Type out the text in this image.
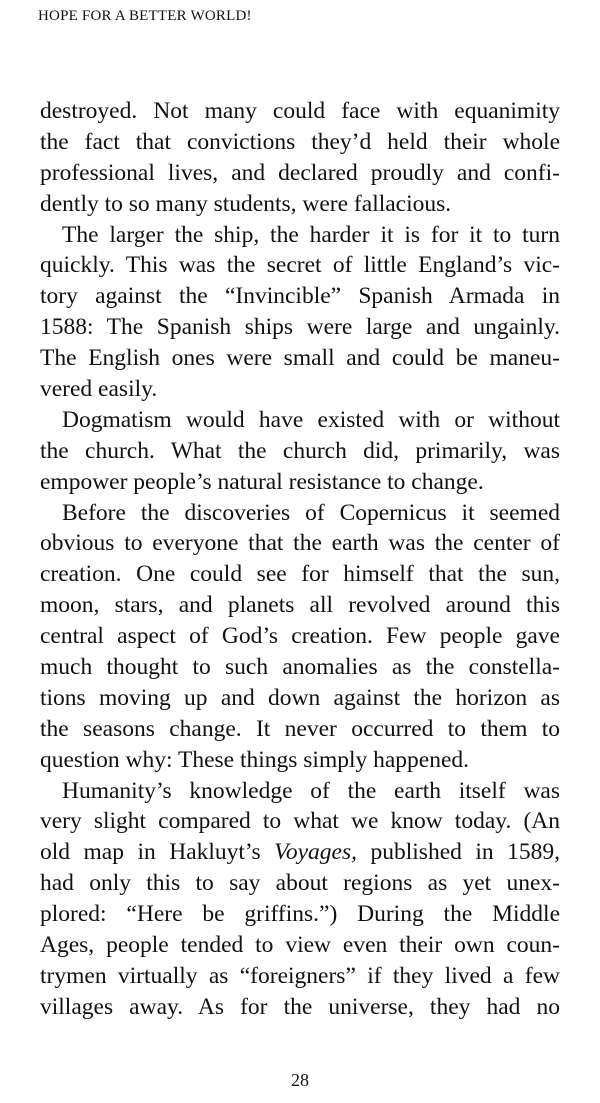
HOPE FOR A BETTER WORLD!
destroyed. Not many could face with equanimity
the fact that convictions they’d held their whole
professional lives, and declared proudly and confi-
dently to so many students, were fallacious.
The larger the ship, the harder it is for it to turn
quickly. This was the secret of little England’s vic-
tory against the “Invincible” Spanish Armada in
1588: The Spanish ships were large and ungainly.
The English ones were small and could be maneu-
vered easily.
Dogmatism would have existed with or without
the church. What the church did, primarily, was
empower people’s natural resistance to change.
Before the discoveries of Copernicus it seemed
obvious to everyone that the earth was the center of
creation. One could see for himself that the sun,
moon, stars, and planets all revolved around this
central aspect of God’s creation. Few people gave
much thought to such anomalies as the constella-
tions moving up and down against the horizon as
the seasons change. It never occurred to them to
question why: These things simply happened.
Humanity’s knowledge of the earth itself was
very slight compared to what we know today. (An
old map in Hakluyt’s Voyages, published in 1589,
had only this to say about regions as yet unex-
plored: “Here be griffins.”) During the Middle
Ages, people tended to view even their own coun-
trymen virtually as “foreigners” if they lived a few
villages away. As for the universe, they had no
28
